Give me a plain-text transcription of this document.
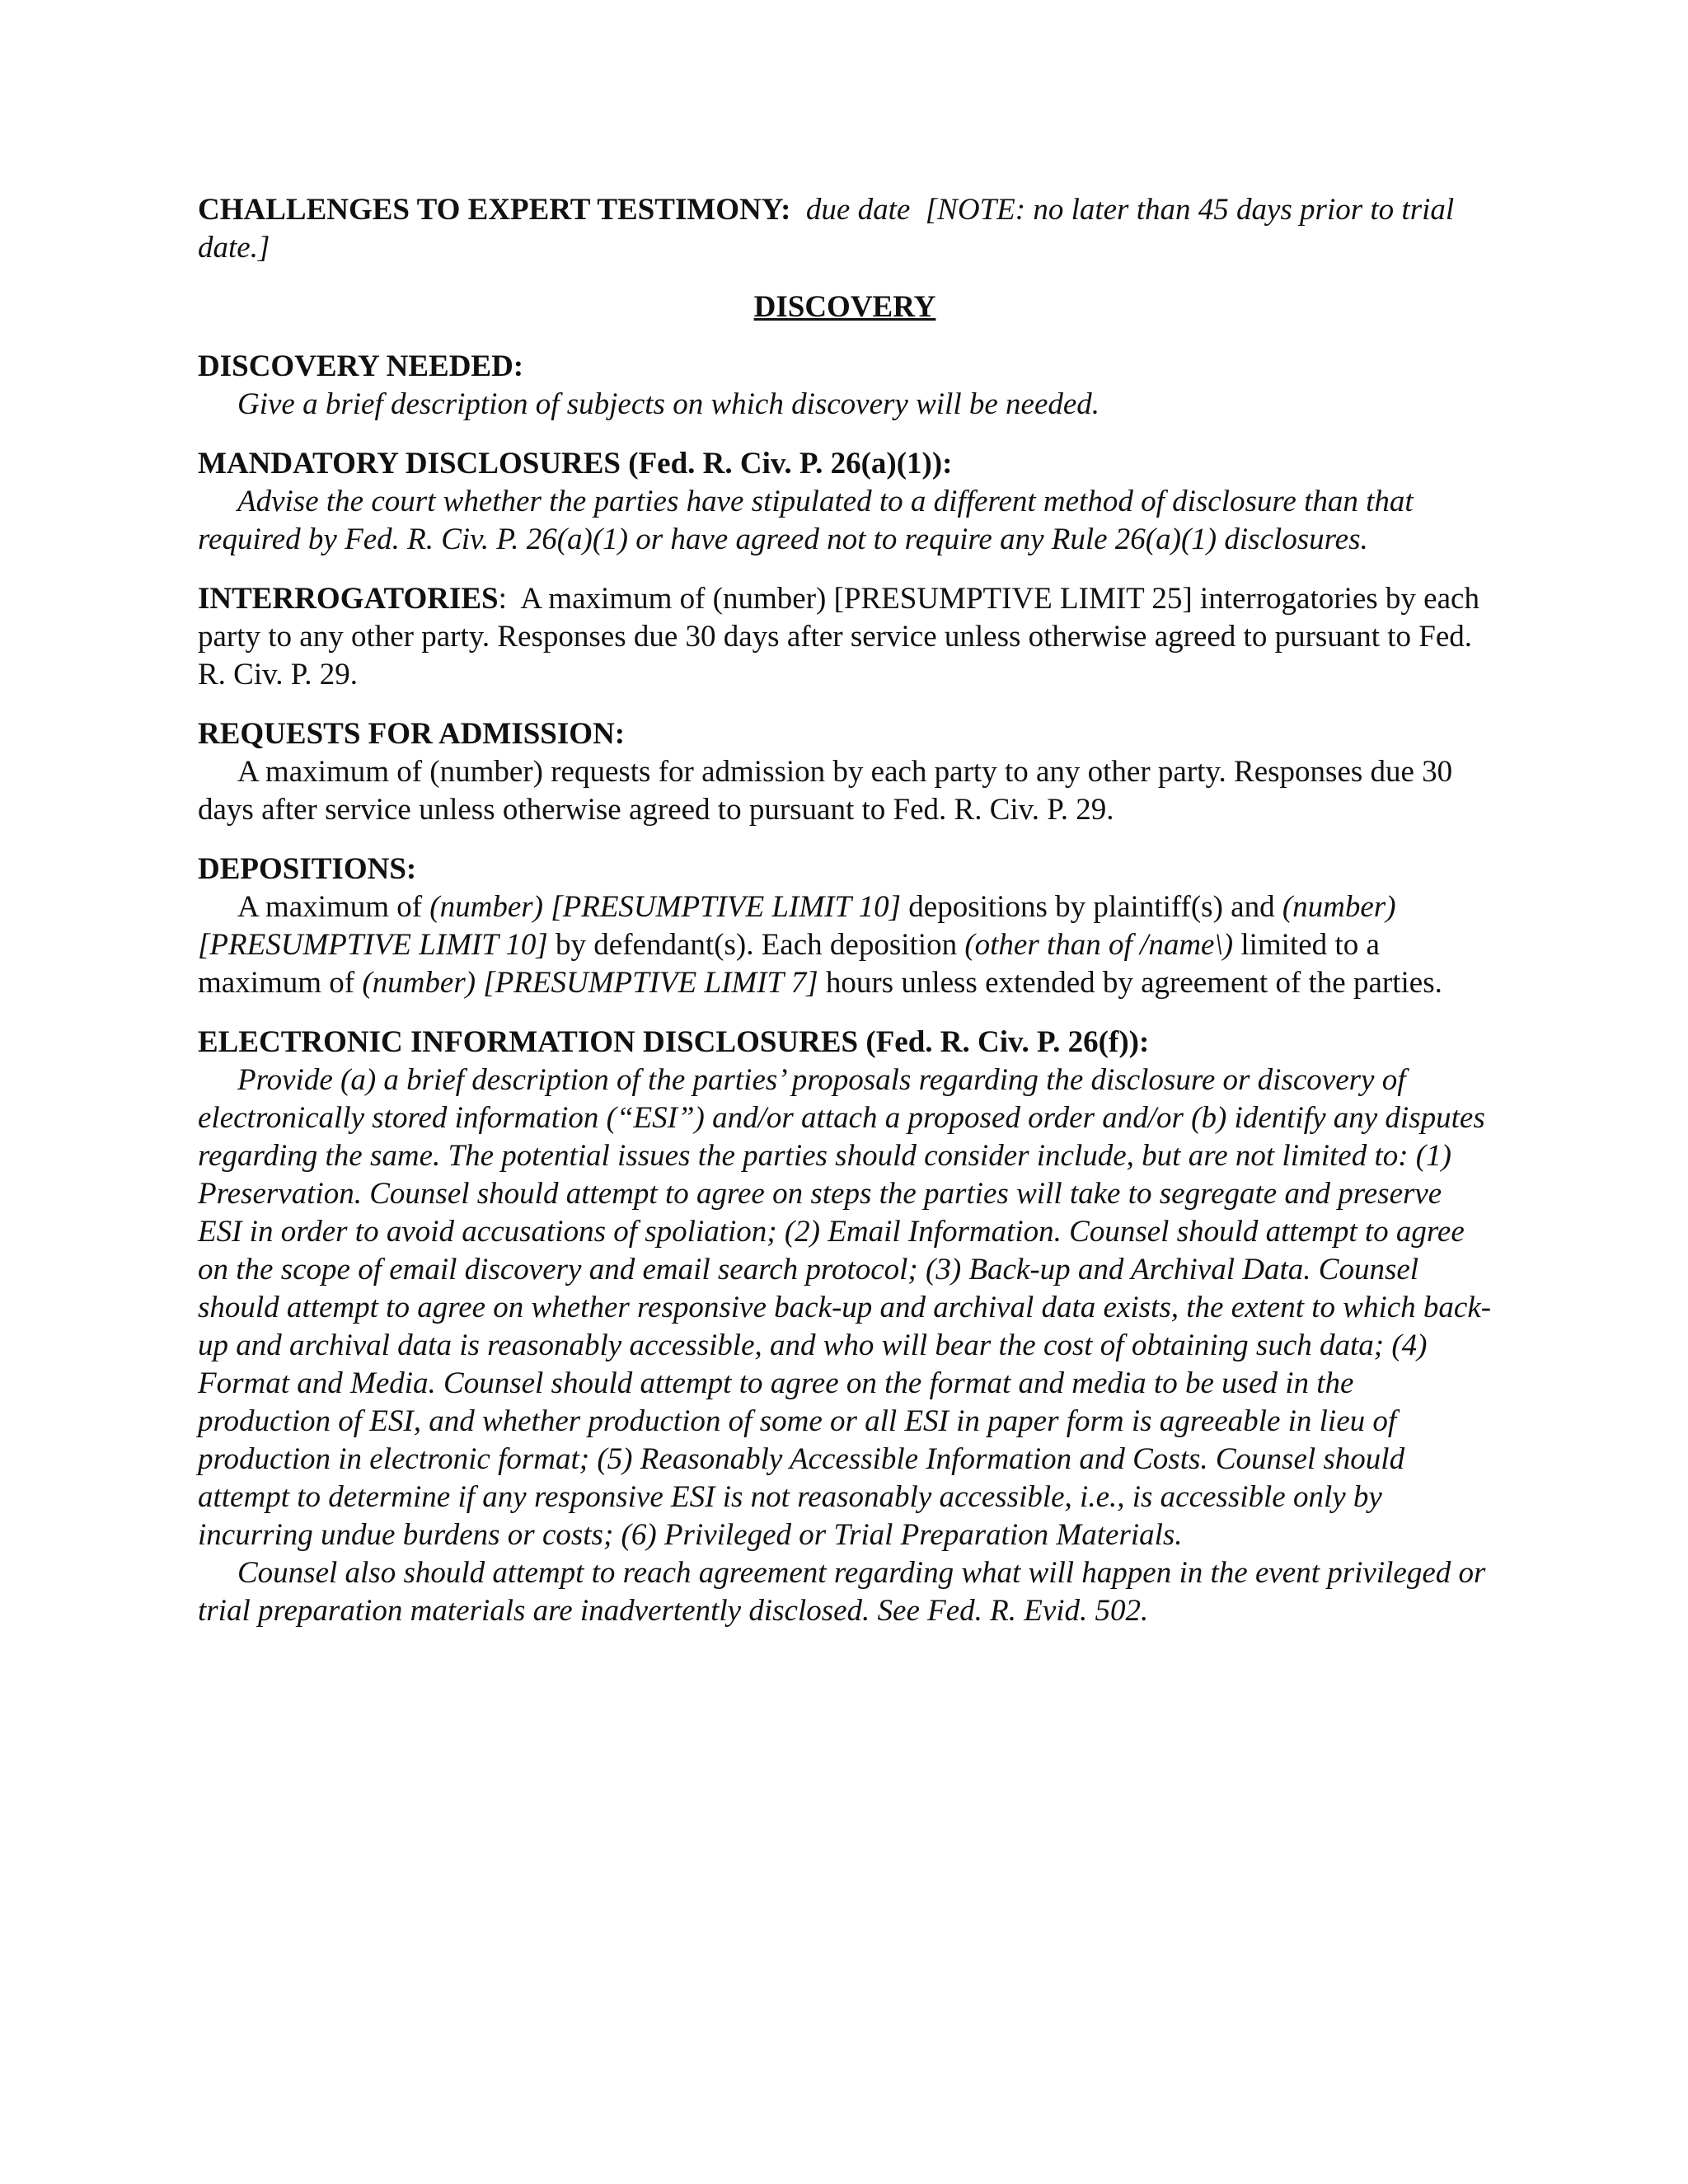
CHALLENGES TO EXPERT TESTIMONY: due date [NOTE: no later than 45 days prior to trial date.]
DISCOVERY
DISCOVERY NEEDED:
Give a brief description of subjects on which discovery will be needed.
MANDATORY DISCLOSURES (Fed. R. Civ. P. 26(a)(1)):
Advise the court whether the parties have stipulated to a different method of disclosure than that required by Fed. R. Civ. P. 26(a)(1) or have agreed not to require any Rule 26(a)(1) disclosures.
INTERROGATORIES: A maximum of (number) [PRESUMPTIVE LIMIT 25] interrogatories by each party to any other party. Responses due 30 days after service unless otherwise agreed to pursuant to Fed. R. Civ. P. 29.
REQUESTS FOR ADMISSION:
A maximum of (number) requests for admission by each party to any other party. Responses due 30 days after service unless otherwise agreed to pursuant to Fed. R. Civ. P. 29.
DEPOSITIONS:
A maximum of (number) [PRESUMPTIVE LIMIT 10] depositions by plaintiff(s) and (number) [PRESUMPTIVE LIMIT 10] by defendant(s). Each deposition (other than of /name\) limited to a maximum of (number) [PRESUMPTIVE LIMIT 7] hours unless extended by agreement of the parties.
ELECTRONIC INFORMATION DISCLOSURES (Fed. R. Civ. P. 26(f)):
Provide (a) a brief description of the parties’ proposals regarding the disclosure or discovery of electronically stored information (“ESI”) and/or attach a proposed order and/or (b) identify any disputes regarding the same. The potential issues the parties should consider include, but are not limited to: (1) Preservation. Counsel should attempt to agree on steps the parties will take to segregate and preserve ESI in order to avoid accusations of spoliation; (2) Email Information. Counsel should attempt to agree on the scope of email discovery and email search protocol; (3) Back-up and Archival Data. Counsel should attempt to agree on whether responsive back-up and archival data exists, the extent to which back-up and archival data is reasonably accessible, and who will bear the cost of obtaining such data; (4) Format and Media. Counsel should attempt to agree on the format and media to be used in the production of ESI, and whether production of some or all ESI in paper form is agreeable in lieu of production in electronic format; (5) Reasonably Accessible Information and Costs. Counsel should attempt to determine if any responsive ESI is not reasonably accessible, i.e., is accessible only by incurring undue burdens or costs; (6) Privileged or Trial Preparation Materials.
Counsel also should attempt to reach agreement regarding what will happen in the event privileged or trial preparation materials are inadvertently disclosed. See Fed. R. Evid. 502.
